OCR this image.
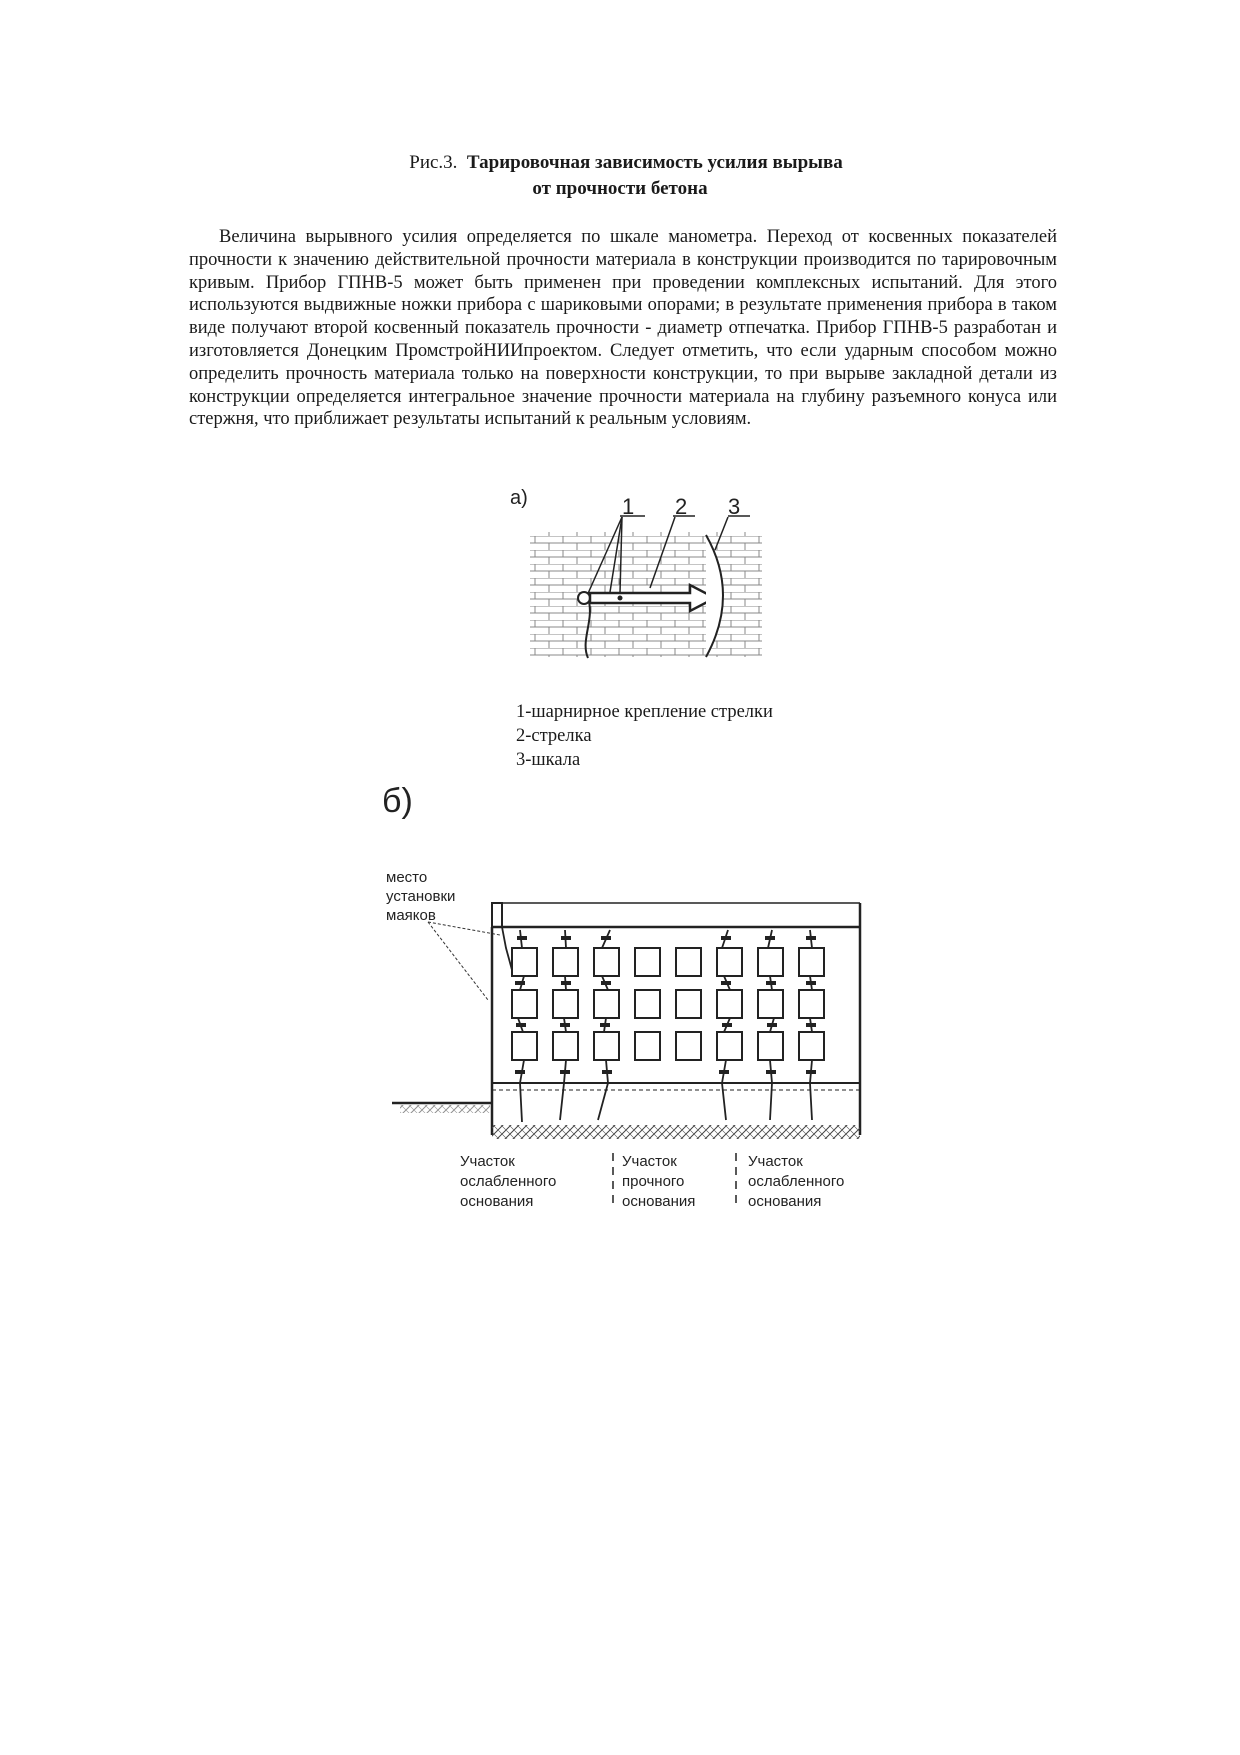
Рис.3. Тарировочная зависимость усилия вырыва
от прочности бетона

Величина вырывного усилия определяется по шкале манометра. Переход от косвенных показателей прочности к значению действительной прочности материала в конструкции производится по тарировочным кривым. Прибор ГПНВ-5 может быть применен при проведении комплексных испытаний. Для этого используются выдвижные ножки прибора с шариковыми опорами; в результате применения прибора в таком виде получают второй косвенный показатель прочности - диаметр отпечатка. Прибор ГПНВ-5 разработан и изготовляется Донецким ПромстройНИИпроектом. Следует отметить, что если ударным способом можно определить прочность материала только на поверхности конструкции, то при вырыве закладной детали из конструкции определяется интегральное значение прочности материала на глубину разъемного конуса или стержня, что приближает результаты испытаний к реальным условиям.

а)	1 2 3
1-шарнирное крепление стрелки
2-стрелка
3-шкала
б)
место
установки
маяков
Участок
ослабленного
основания
Участок
прочного
основания
Участок
ослабленного
основания
